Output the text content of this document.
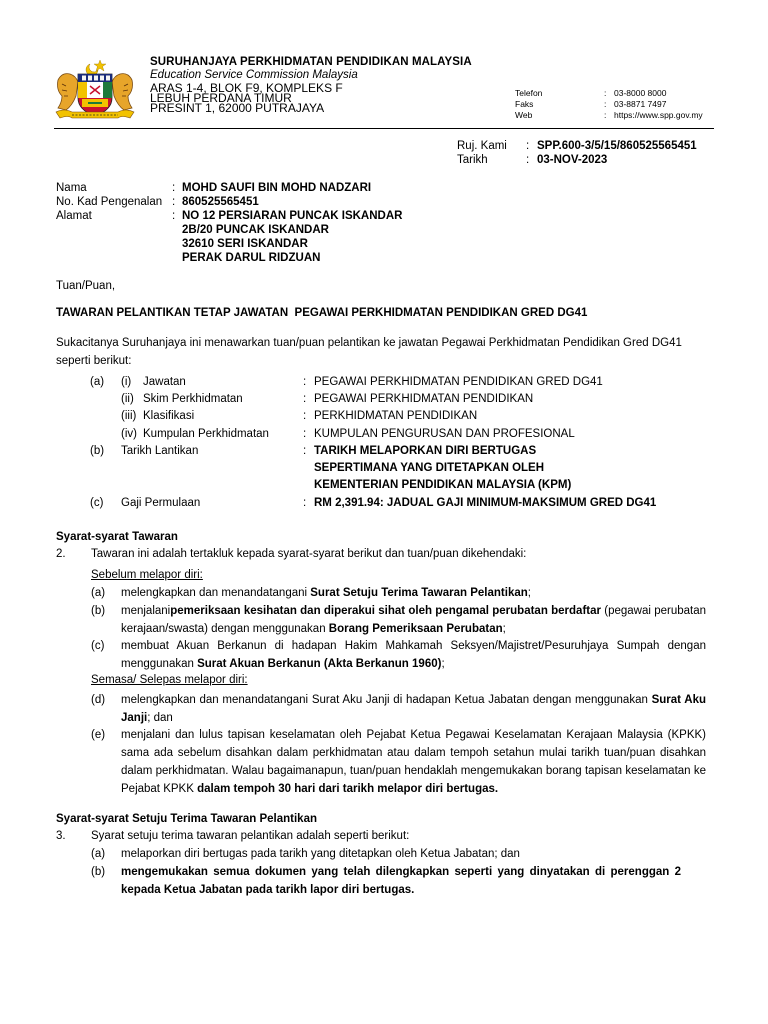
SURUHANJAYA PERKHIDMATAN PENDIDIKAN MALAYSIA
Education Service Commission Malaysia
ARAS 1-4, BLOK F9, KOMPLEKS F
LEBUH PERDANA TIMUR
PRESINT 1, 62000 PUTRAJAYA
Telefon	: 03-8000 8000
Faks	: 03-8871 7497
Web	: https://www.spp.gov.my
Ruj. Kami : SPP.600-3/5/15/860525565451
Tarikh	: 03-NOV-2023
Nama	: MOHD SAUFI BIN MOHD NADZARI
No. Kad Pengenalan : 860525565451
Alamat	: NO 12 PERSIARAN PUNCAK ISKANDAR
2B/20 PUNCAK ISKANDAR
32610 SERI ISKANDAR
PERAK DARUL RIDZUAN
Tuan/Puan,
TAWARAN PELANTIKAN TETAP JAWATAN  PEGAWAI PERKHIDMATAN PENDIDIKAN GRED DG41
Sukacitanya Suruhanjaya ini menawarkan tuan/puan pelantikan ke jawatan Pegawai Perkhidmatan Pendidikan Gred DG41 seperti berikut:
(a) (i) Jawatan	: PEGAWAI PERKHIDMATAN PENDIDIKAN GRED DG41
(ii) Skim Perkhidmatan	: PEGAWAI PERKHIDMATAN PENDIDIKAN
(iii) Klasifikasi	: PERKHIDMATAN PENDIDIKAN
(iv) Kumpulan Perkhidmatan	: KUMPULAN PENGURUSAN DAN PROFESIONAL
(b) Tarikh Lantikan	: TARIKH MELAPORKAN DIRI BERTUGAS
SEPERTIMANA YANG DITETAPKAN OLEH
KEMENTERIAN PENDIDIKAN MALAYSIA (KPM)
(c) Gaji Permulaan	: RM 2,391.94: JADUAL GAJI MINIMUM-MAKSIMUM GRED DG41
Syarat-syarat Tawaran
2. Tawaran ini adalah tertakluk kepada syarat-syarat berikut dan tuan/puan dikehendaki:
Sebelum melapor diri:
(a) melengkapkan dan menandatangani Surat Setuju Terima Tawaran Pelantikan;
(b) menjalanipemeriksaan kesihatan dan diperakui sihat oleh pengamal perubatan berdaftar (pegawai perubatan kerajaan/swasta) dengan menggunakan Borang Pemeriksaan Perubatan;
(c) membuat Akuan Berkanun di hadapan Hakim Mahkamah Seksyen/Majistret/Pesuruhjaya Sumpah dengan menggunakan Surat Akuan Berkanun (Akta Berkanun 1960);
Semasa/ Selepas melapor diri:
(d) melengkapkan dan menandatangani Surat Aku Janji di hadapan Ketua Jabatan dengan menggunakan Surat Aku Janji; dan
(e) menjalani dan lulus tapisan keselamatan oleh Pejabat Ketua Pegawai Keselamatan Kerajaan Malaysia (KPKK) sama ada sebelum disahkan dalam perkhidmatan atau dalam tempoh setahun mulai tarikh tuan/puan disahkan dalam perkhidmatan. Walau bagaimanapun, tuan/puan hendaklah mengemukakan borang tapisan keselamatan ke Pejabat KPKK dalam tempoh 30 hari dari tarikh melapor diri bertugas.
Syarat-syarat Setuju Terima Tawaran Pelantikan
3. Syarat setuju terima tawaran pelantikan adalah seperti berikut:
(a) melaporkan diri bertugas pada tarikh yang ditetapkan oleh Ketua Jabatan; dan
(b) mengemukakan semua dokumen yang telah dilengkapkan seperti yang dinyatakan di perenggan 2 kepada Ketua Jabatan pada tarikh lapor diri bertugas.
